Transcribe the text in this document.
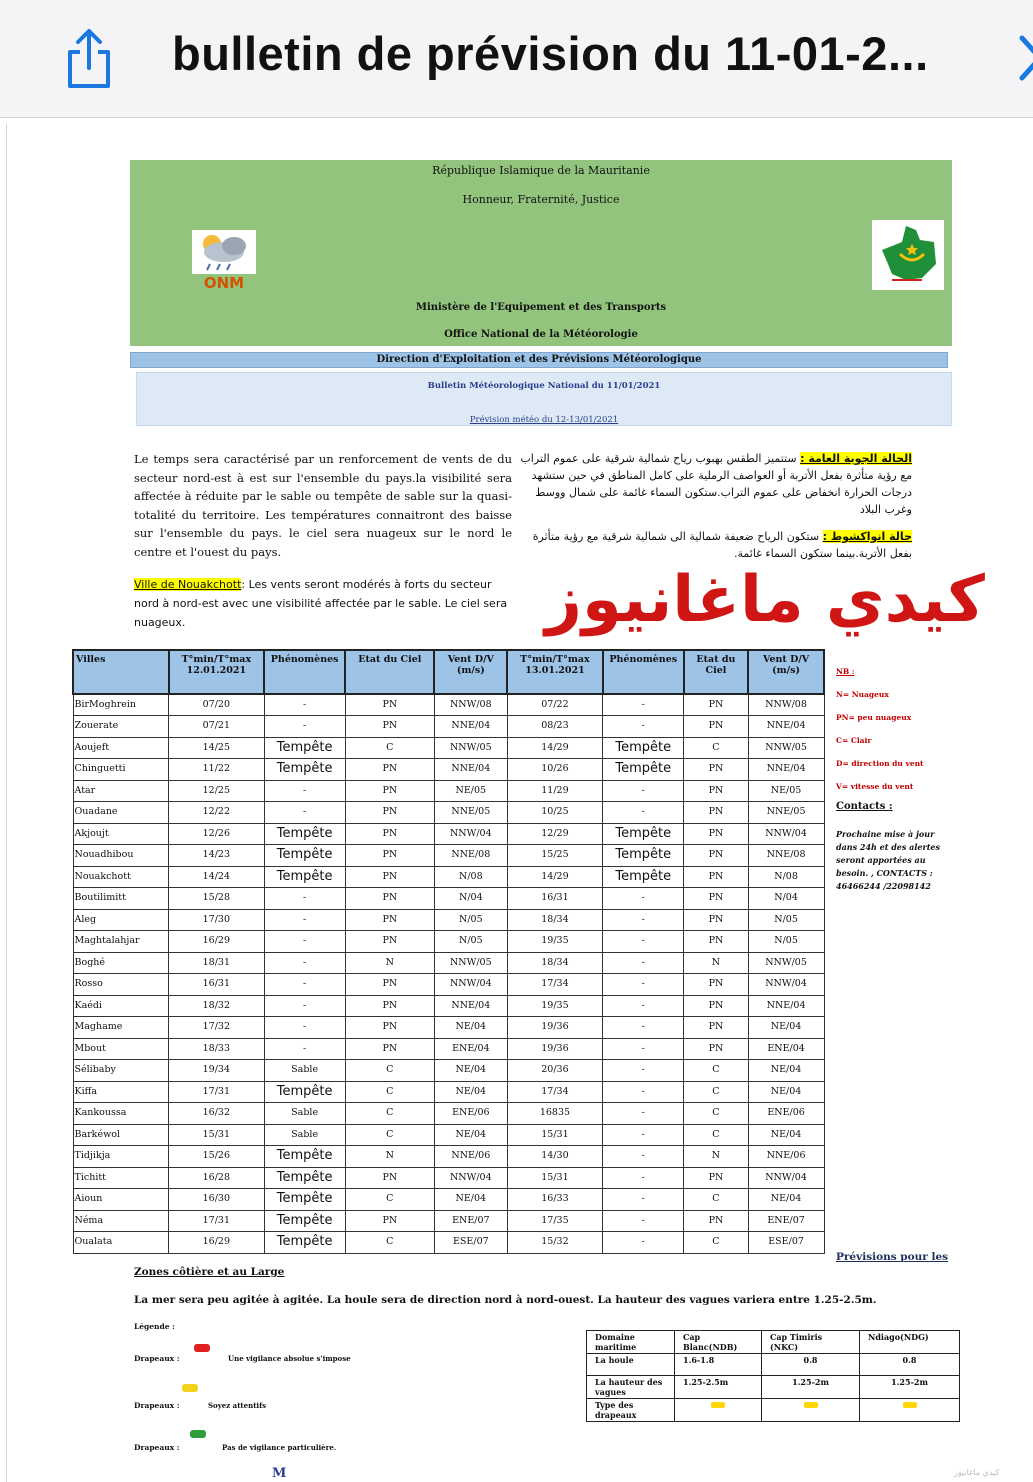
bulletin de prévision du 11-01-2...
République Islamique de la Mauritanie
Honneur, Fraternité, Justice
Ministère de l'Equipement et des Transports
Office National de la Météorologie
ONM
Direction d'Exploitation et des Prévisions Météorologique
Bulletin Météorologique National du 11/01/2021
Prévision météo du 12-13/01/2021
Le temps sera caractérisé par un renforcement de vents de du secteur nord-est à est sur l'ensemble du pays.la visibilité sera affectée à réduite par le sable ou tempête de sable sur la quasi-totalité du territoire. Les températures connaitront des baisse sur l'ensemble du pays. le ciel sera nuageux sur le nord le centre et l'ouest du pays.
Ville de Nouakchott: Les vents seront modérés à forts du secteur nord à nord-est avec une visibilité affectée par le sable. Le ciel sera nuageux.
الحالة الجوية العامة : ستتميز الطقس بهبوب رياح شمالية شرقية على عموم التراب مع رؤية متأثرة بفعل الأتربة أو العواصف الرملية على كامل المناطق في حين ستشهد درجات الحرارة انخفاض على عموم التراب.ستكون السماء غائمة على شمال ووسط وغرب البلاد
حالة انواكشوط : ستكون الرياح ضعيفة شمالية الى شمالية شرقية مع رؤية متأثرة بفعل الأتربة.بينما ستكون السماء غائمة.
كيدي ماغانيوز
Villes	T°min/T°max 12.01.2021	Phénomènes	Etat du Ciel	Vent D/V (m/s)	T°min/T°max 13.01.2021	Phénomènes	Etat du Ciel	Vent D/V (m/s)
BirMoghrein	07/20	-	PN	NNW/08	07/22	-	PN	NNW/08
Zouerate	07/21	-	PN	NNE/04	08/23	-	PN	NNE/04
Aoujeft	14/25	Tempête	C	NNW/05	14/29	Tempête	C	NNW/05
Chinguetti	11/22	Tempête	PN	NNE/04	10/26	Tempête	PN	NNE/04
Atar	12/25	-	PN	NE/05	11/29	-	PN	NE/05
Ouadane	12/22	-	PN	NNE/05	10/25	-	PN	NNE/05
Akjoujt	12/26	Tempête	PN	NNW/04	12/29	Tempête	PN	NNW/04
Nouadhibou	14/23	Tempête	PN	NNE/08	15/25	Tempête	PN	NNE/08
Nouakchott	14/24	Tempête	PN	N/08	14/29	Tempête	PN	N/08
Boutilimitt	15/28	-	PN	N/04	16/31	-	PN	N/04
Aleg	17/30	-	PN	N/05	18/34	-	PN	N/05
Maghtalahjar	16/29	-	PN	N/05	19/35	-	PN	N/05
Boghé	18/31	-	N	NNW/05	18/34	-	N	NNW/05
Rosso	16/31	-	PN	NNW/04	17/34	-	PN	NNW/04
Kaédi	18/32	-	PN	NNE/04	19/35	-	PN	NNE/04
Maghame	17/32	-	PN	NE/04	19/36	-	PN	NE/04
Mbout	18/33	-	PN	ENE/04	19/36	-	PN	ENE/04
Sélibaby	19/34	Sable	C	NE/04	20/36	-	C	NE/04
Kiffa	17/31	Tempête	C	NE/04	17/34	-	C	NE/04
Kankoussa	16/32	Sable	C	ENE/06	16835	-	C	ENE/06
Barkéwol	15/31	Sable	C	NE/04	15/31	-	C	NE/04
Tidjikja	15/26	Tempête	N	NNE/06	14/30	-	N	NNE/06
Tichitt	16/28	Tempête	PN	NNW/04	15/31	-	PN	NNW/04
Aioun	16/30	Tempête	C	NE/04	16/33	-	C	NE/04
Néma	17/31	Tempête	PN	ENE/07	17/35	-	PN	ENE/07
Oualata	16/29	Tempête	C	ESE/07	15/32	-	C	ESE/07
NB :
N= Nuageux
PN= peu nuageux
C= Clair
D= direction du vent
V= vitesse du vent
Contacts :
Prochaine mise à jour dans 24h et des alertes seront apportées au besoin. , CONTACTS : 46466244 /22098142
Prévisions pour les
Zones côtière et au Large
La mer sera peu agitée à agitée. La houle sera de direction nord à nord-ouest. La hauteur des vagues variera entre 1.25-2.5m.
Légende :
Drapeaux :	Une vigilance absolue s'impose
Drapeaux :	Soyez attentifs
Drapeaux :	Pas de vigilance particulière.
Domaine maritime	Cap Blanc(NDB)	Cap Timiris (NKC)	Ndiago(NDG)
La houle	1.6-1.8	0.8	0.8
La hauteur des vagues	1.25-2.5m	1.25-2m	1.25-2m
Type des drapeaux			
M	كيدي ماغانيوز
